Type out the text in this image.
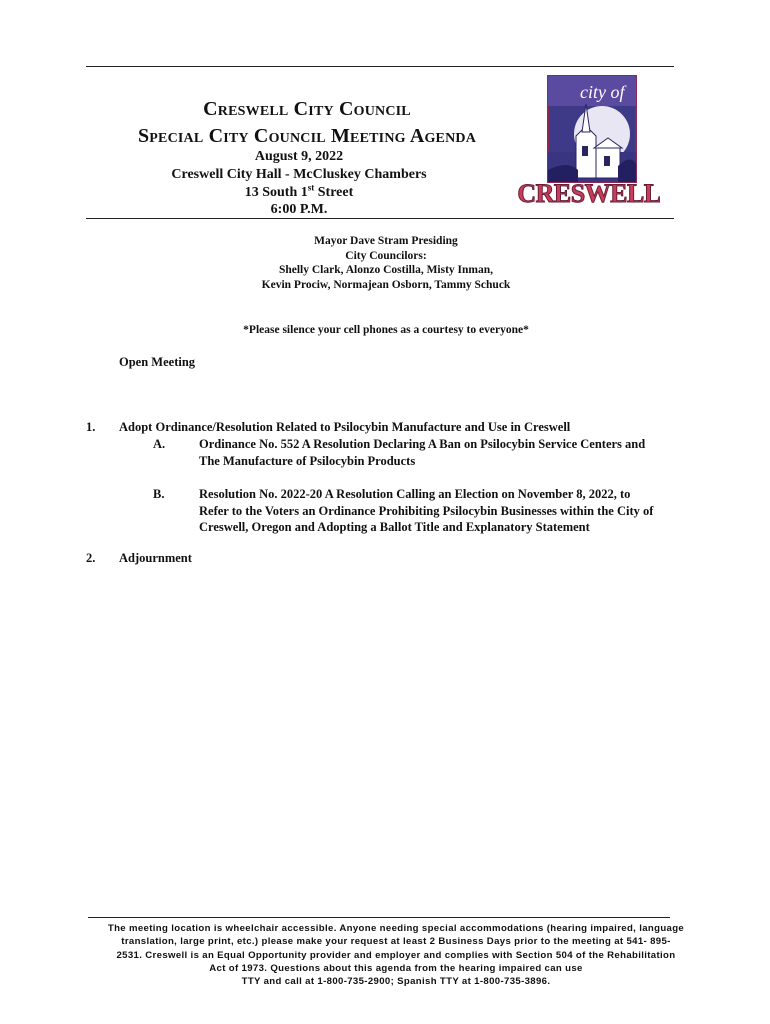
Creswell City Council
Special City Council Meeting Agenda
August 9, 2022
Creswell City Hall - McCluskey Chambers
13 South 1st Street
6:00 P.M.
city of
CRESWELL
Mayor Dave Stram Presiding
City Councilors:
Shelly Clark, Alonzo Costilla, Misty Inman,
Kevin Prociw, Normajean Osborn, Tammy Schuck
*Please silence your cell phones as a courtesy to everyone*
Open Meeting
1. Adopt Ordinance/Resolution Related to Psilocybin Manufacture and Use in Creswell
A.	Ordinance No. 552 A Resolution Declaring A Ban on Psilocybin Service Centers and
The Manufacture of Psilocybin Products
B.	Resolution No. 2022-20 A Resolution Calling an Election on November 8, 2022, to
Refer to the Voters an Ordinance Prohibiting Psilocybin Businesses within the City of
Creswell, Oregon and Adopting a Ballot Title and Explanatory Statement
2. Adjournment
The meeting location is wheelchair accessible. Anyone needing special accommodations (hearing impaired, language
translation, large print, etc.) please make your request at least 2 Business Days prior to the meeting at 541- 895-
2531. Creswell is an Equal Opportunity provider and employer and complies with Section 504 of the Rehabilitation
Act of 1973. Questions about this agenda from the hearing impaired can use
TTY and call at 1-800-735-2900; Spanish TTY at 1-800-735-3896.
